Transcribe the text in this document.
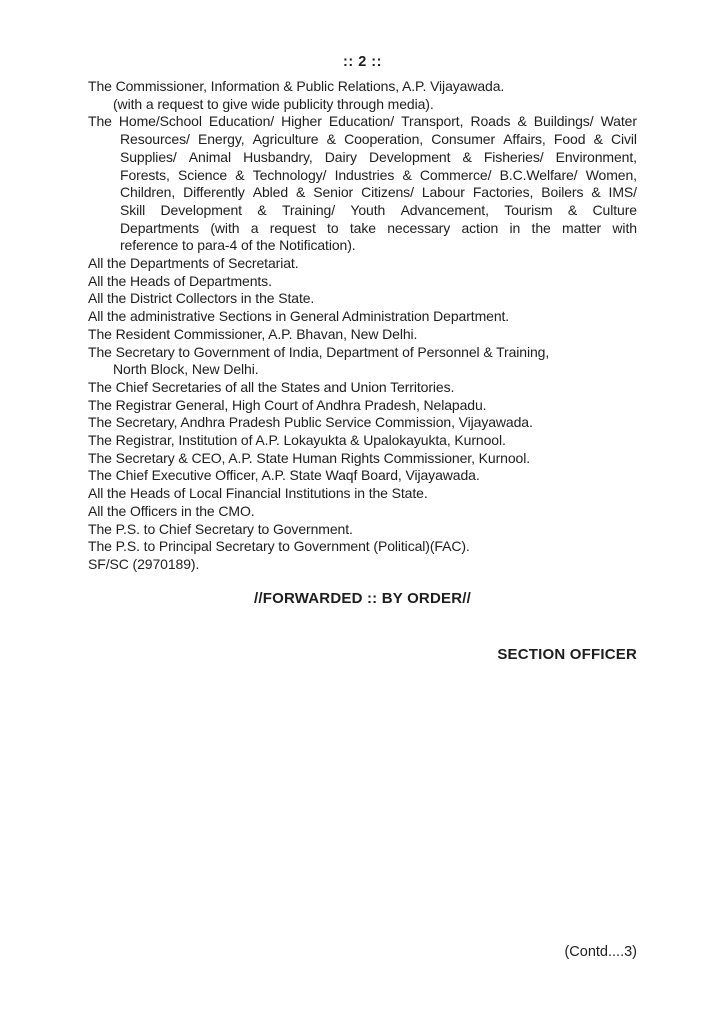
:: 2 ::
The Commissioner, Information & Public Relations, A.P. Vijayawada.
(with a request to give wide publicity through media).
The Home/School Education/ Higher Education/ Transport, Roads & Buildings/ Water
Resources/ Energy, Agriculture & Cooperation, Consumer Affairs, Food & Civil
Supplies/ Animal Husbandry, Dairy Development & Fisheries/ Environment,
Forests, Science & Technology/ Industries & Commerce/ B.C.Welfare/ Women,
Children, Differently Abled & Senior Citizens/ Labour Factories, Boilers & IMS/
Skill Development & Training/ Youth Advancement, Tourism & Culture
Departments (with a request to take necessary action in the matter with
reference to para-4 of the Notification).
All the Departments of Secretariat.
All the Heads of Departments.
All the District Collectors in the State.
All the administrative Sections in General Administration Department.
The Resident Commissioner, A.P. Bhavan, New Delhi.
The Secretary to Government of India, Department of Personnel & Training,
North Block, New Delhi.
The Chief Secretaries of all the States and Union Territories.
The Registrar General, High Court of Andhra Pradesh, Nelapadu.
The Secretary, Andhra Pradesh Public Service Commission, Vijayawada.
The Registrar, Institution of A.P. Lokayukta & Upalokayukta, Kurnool.
The Secretary & CEO, A.P. State Human Rights Commissioner, Kurnool.
The Chief Executive Officer, A.P. State Waqf Board, Vijayawada.
All the Heads of Local Financial Institutions in the State.
All the Officers in the CMO.
The P.S. to Chief Secretary to Government.
The P.S. to Principal Secretary to Government (Political)(FAC).
SF/SC (2970189).
//FORWARDED :: BY ORDER//
SECTION OFFICER
(Contd....3)
